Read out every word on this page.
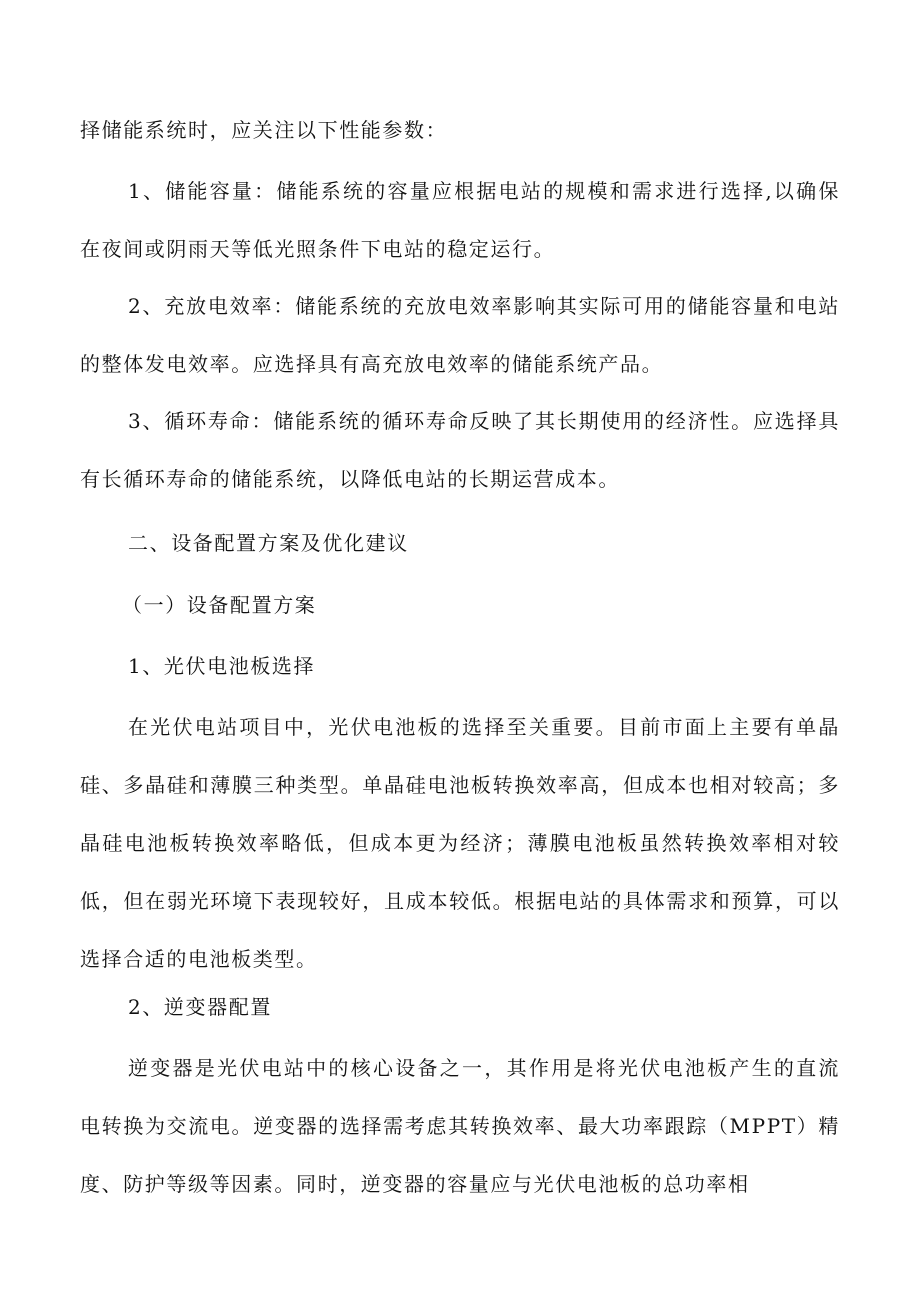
择储能系统时，应关注以下性能参数：

1、储能容量：储能系统的容量应根据电站的规模和需求进行选择,以确保在夜间或阴雨天等低光照条件下电站的稳定运行。

2、充放电效率：储能系统的充放电效率影响其实际可用的储能容量和电站的整体发电效率。应选择具有高充放电效率的储能系统产品。

3、循环寿命：储能系统的循环寿命反映了其长期使用的经济性。应选择具有长循环寿命的储能系统，以降低电站的长期运营成本。

二、设备配置方案及优化建议

（一）设备配置方案

1、光伏电池板选择

在光伏电站项目中，光伏电池板的选择至关重要。目前市面上主要有单晶硅、多晶硅和薄膜三种类型。单晶硅电池板转换效率高，但成本也相对较高；多晶硅电池板转换效率略低，但成本更为经济；薄膜电池板虽然转换效率相对较低，但在弱光环境下表现较好，且成本较低。根据电站的具体需求和预算，可以选择合适的电池板类型。

2、逆变器配置

逆变器是光伏电站中的核心设备之一，其作用是将光伏电池板产生的直流电转换为交流电。逆变器的选择需考虑其转换效率、最大功率跟踪（MPPT）精度、防护等级等因素。同时，逆变器的容量应与光伏电池板的总功率相
